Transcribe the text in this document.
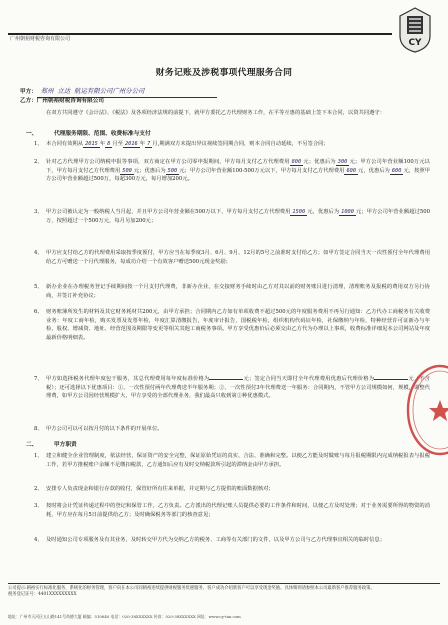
广州朝裕财税咨询有限公司	CY
财务记账及涉税事项代理服务合同
甲方： 郑州 立达 航运有限公司广州分公司
乙方：广州朝裕财税咨询有限公司
在双方共同遵守《会计法》、《税法》及各项经济法规的前提下，就甲方委托乙方代理财务工作，在平等互惠的基础上签下本合同，以资共同遵守：
一、	代理服务期限、范围、收费标准与支付
1、 本合同有效期从 2015 年 8 月至 2016 年 7 月,期满双方未提出异议视续签同期合同，则本合同自动延续，不另签合同；
2、 针对乙方代理甲方公司纳税申报等事项，双方商定在甲方公司零申报期间，甲方每月支付乙方代理费用 800 元；优惠后为 300 元；甲方公司年营业额100万元以下，甲方每月支付乙方代理费用 500 元；优惠后为 500 元；甲方公司年营业额100-500万元以下，甲方每月支付乙方代理费用 600 元，优惠后为 600 元，按照甲方公司年营业额超过500万，每超300万元，每月增加200元。
3、 甲方公司被认定为一般纳税人当月起，并且甲方公司年营业额在500万以下，甲方每月支付乙方代理费用 1500 元，优惠后为 1000 元；甲方公司年营业额超过500万，按照超过一个500万元，每月另加200元；
4、 甲方应支付给乙方的代理费用采取按季度预付，甲方应当在每季度3月、6月、9月、12月的5号之前准时支付给乙方；如甲方签定合同当天一次性预付全年代理费用给乙方可赠送一个月代理服务，每成功介绍一个有效客户赠送500元现金奖励；
5、 新办企业在办理税务登记手续期间按一个月支付代理费，非新办企业，在交接财务手续时由乙方对其以前的财务账目进行清理，清理账务及报税的费用双方另行协商，并签订补充协议；
6、 财务账簿所发生的材料及其它财务耗材共200元，由甲方承担；合同期内乙方如有单项收费不超过500元的年度服务费用不再另行通知：乙方代办工商税务有关收费业务：年度工商年检，购买发票及发票年检，年度汇算清缴报告，年度审计报告，国税税年检，组织机构代码证年检，社保缴纳与年检，特种经营许可证新办与年检，股权、增减资、地址、经营范围及期限等变更等相关其他工商税务事项。甲方享受优惠价后必须交由乙方代为办理以上事项，收费标准详细见本公司网站及年度最新价格明细表。
7、 甲方如选择税务代理年度包干服务，其总代理费用每年度标准价格为	元；签定合同当天即付全年代理费用优惠后代理价格为	元（不含税）；还可选择以下优惠项目：①、一次性预付两年代理费送半年服务期；②、一次性预付3年代理费送一年服务：合同期内，不管甲方公司规模如何，规模，调整代理费，如甲方公司因经营规模扩大，甲方享受的全部代理业务，我们最高只收到第②种优惠模式。
8、 甲方公司可以可以按月付的以下条件的开展单位。
二、	甲方职责
1、 建立和健全企业管理制度，依法经营，保证资产的安全完整，保证原始凭证的真实、合法、准确和完整。以便乙方能及时做账与每月报税期限内完成纳税报表与报税工作，若甲方推税账户余额不足缴扣税款，乙方通知后应有及时交纳税款所引起的滞纳金由甲方承担。
2、 安排专人负责现金和银行存款的收付，保管好所有往来单据，并定期与乙方提供的账面数据核对；
3、 按时将会计凭证传递过程中的登记和保管工作，乙方负责。乙方派出的代理记账人员提供必要的工作条件和时间，以便乙方及时处理；对于业务需要所得的物资的消耗，甲方应在每月5日前提供给乙方；及时确保税务等部门的核查意见；
4、 及时通知公司专项服务及有其业务，及时转交甲方代为交纳乙方的税务、工商等有关部门的文件，以及甲方公司与乙方代理事宜相关的临时信息；
公司提示:朝裕实行标准化服务，系统化的财务管理，客户向在本公司同朝裕连续提供财税服务优惠服务，客户成功介绍新客户可以享受现金奖励。具体细则请参照本公司最新客户推荐服务政策。
税务登记证号：4401XXXXXXXXX
地址：广州市天河区五山路141号尚德大厦 邮编：510640 电话：020-38XXXXXX 传真：020-38XXXXXX 网址：www.cy-tax.com
